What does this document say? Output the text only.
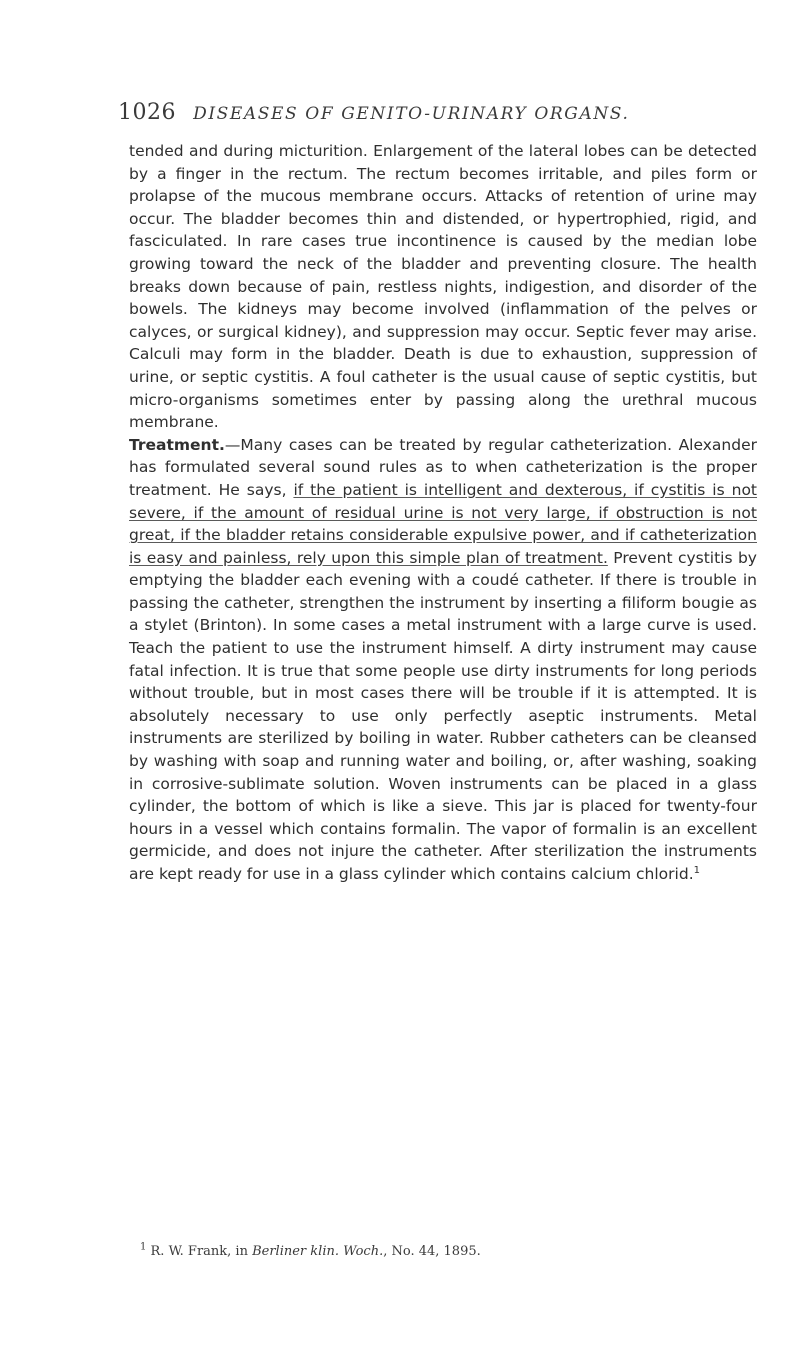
1026 DISEASES OF GENITO-URINARY ORGANS.

tended and during micturition. Enlargement of the lateral lobes can be detected by a finger in the rectum. The rectum becomes irritable, and piles form or prolapse of the mucous membrane occurs. Attacks of retention of urine may occur. The bladder becomes thin and distended, or hypertrophied, rigid, and fasciculated. In rare cases true incontinence is caused by the median lobe growing toward the neck of the bladder and preventing closure. The health breaks down because of pain, restless nights, indigestion, and disorder of the bowels. The kidneys may become involved (inflammation of the pelves or calyces, or surgical kidney), and suppression may occur. Septic fever may arise. Calculi may form in the bladder. Death is due to exhaustion, suppression of urine, or septic cystitis. A foul catheter is the usual cause of septic cystitis, but micro-organisms sometimes enter by passing along the urethral mucous membrane.

Treatment.—Many cases can be treated by regular catheterization. Alexander has formulated several sound rules as to when catheterization is the proper treatment. He says, if the patient is intelligent and dexterous, if cystitis is not severe, if the amount of residual urine is not very large, if obstruction is not great, if the bladder retains considerable expulsive power, and if catheterization is easy and painless, rely upon this simple plan of treatment. Prevent cystitis by emptying the bladder each evening with a coudé catheter. If there is trouble in passing the catheter, strengthen the instrument by inserting a filiform bougie as a stylet (Brinton). In some cases a metal instrument with a large curve is used. Teach the patient to use the instrument himself. A dirty instrument may cause fatal infection. It is true that some people use dirty instruments for long periods without trouble, but in most cases there will be trouble if it is attempted. It is absolutely necessary to use only perfectly aseptic instruments. Metal instruments are sterilized by boiling in water. Rubber catheters can be cleansed by washing with soap and running water and boiling, or, after washing, soaking in corrosive-sublimate solution. Woven instruments can be placed in a glass cylinder, the bottom of which is like a sieve. This jar is placed for twenty-four hours in a vessel which contains formalin. The vapor of formalin is an excellent germicide, and does not injure the catheter. After sterilization the instruments are kept ready for use in a glass cylinder which contains calcium chlorid.$^1$

$^1$ R. W. Frank, in Berliner klin. Woch., No. 44, 1895.
